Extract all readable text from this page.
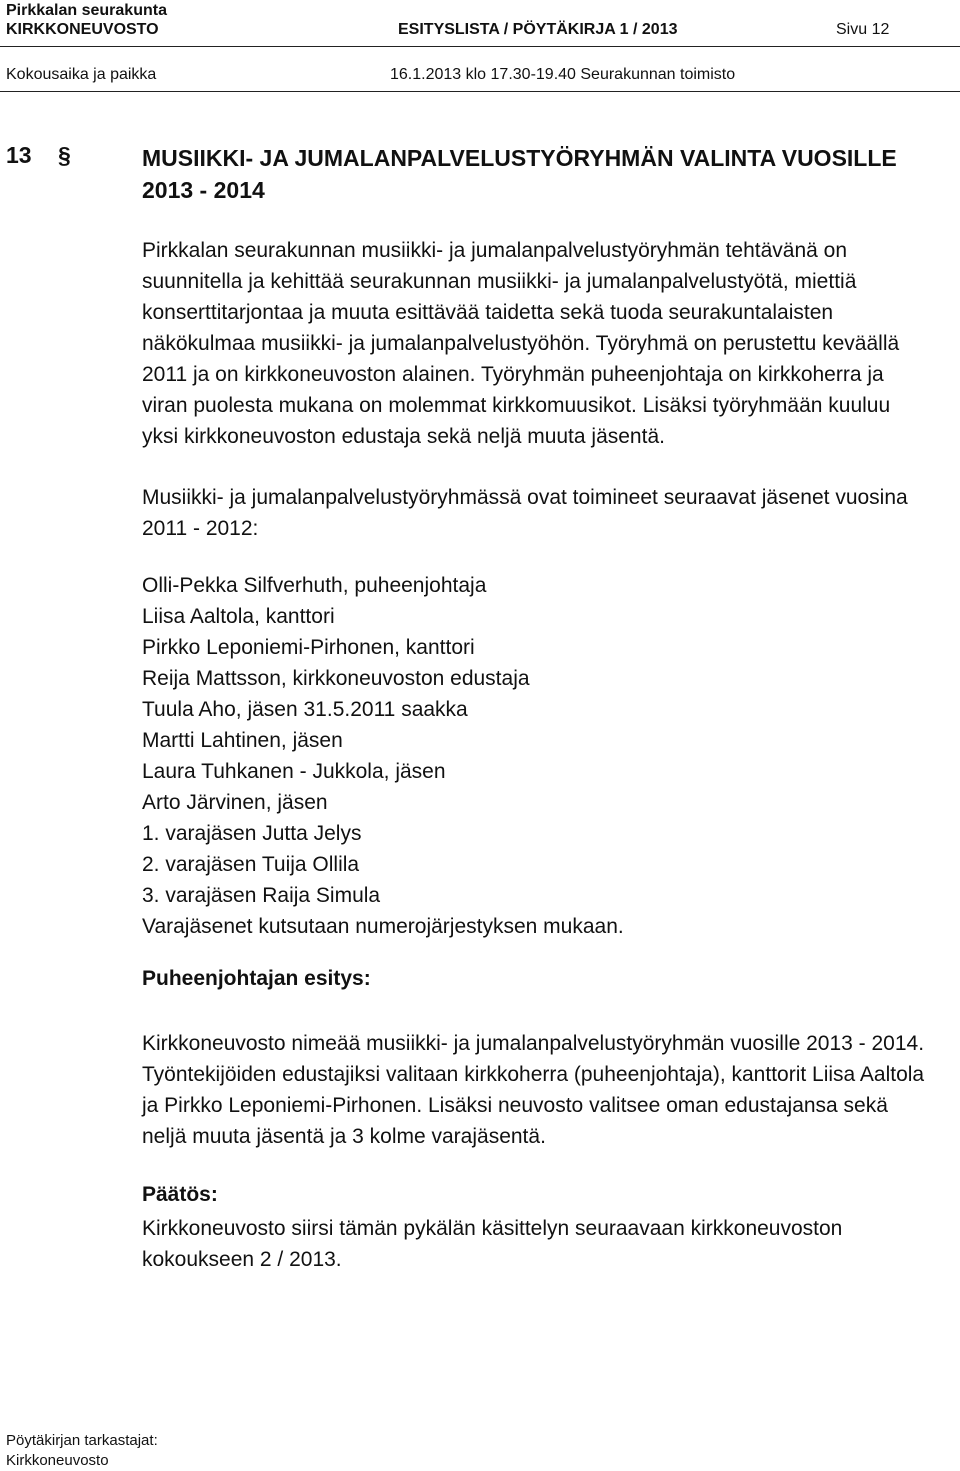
Pirkkalan seurakunta
KIRKKONEUVOSTO	ESITYSLISTA / PÖYTÄKIRJA 1 / 2013	Sivu 12
Kokousaika ja paikka	16.1.2013 klo 17.30-19.40 Seurakunnan toimisto
13 §	MUSIIKKI- JA JUMALANPALVELUSTYÖRYHMÄN VALINTA VUOSILLE 2013 - 2014
Pirkkalan seurakunnan musiikki- ja jumalanpalvelustyöryhmän tehtävänä on suunnitella ja kehittää seurakunnan musiikki- ja jumalanpalvelustyötä, miettiä konserttitarjontaa ja muuta esittävää taidetta sekä tuoda seurakuntalaisten näkökulmaa musiikki- ja jumalanpalvelustyöhön. Työryhmä on perustettu keväällä 2011 ja on kirkkoneuvoston alainen. Työryhmän puheenjohtaja on kirkkoherra ja viran puolesta mukana on molemmat kirkkomuusikot. Lisäksi työryhmään kuuluu yksi kirkkoneuvoston edustaja sekä neljä muuta jäsentä.
Musiikki- ja jumalanpalvelustyöryhmässä ovat toimineet seuraavat jäsenet vuosina 2011 - 2012:
Olli-Pekka Silfverhuth, puheenjohtaja
Liisa Aaltola, kanttori
Pirkko Leponiemi-Pirhonen, kanttori
Reija Mattsson, kirkkoneuvoston edustaja
Tuula Aho, jäsen 31.5.2011 saakka
Martti Lahtinen, jäsen
Laura Tuhkanen - Jukkola, jäsen
Arto Järvinen, jäsen
1. varajäsen Jutta Jelys
2. varajäsen Tuija Ollila
3. varajäsen Raija Simula
Varajäsenet kutsutaan numerojärjestyksen mukaan.
Puheenjohtajan esitys:
Kirkkoneuvosto nimeää musiikki- ja jumalanpalvelustyöryhmän vuosille 2013 - 2014. Työntekijöiden edustajiksi valitaan kirkkoherra (puheenjohtaja), kanttorit Liisa Aaltola ja Pirkko Leponiemi-Pirhonen. Lisäksi neuvosto valitsee oman edustajansa sekä neljä muuta jäsentä ja 3 kolme varajäsentä.
Päätös:
Kirkkoneuvosto siirsi tämän pykälän käsittelyn seuraavaan kirkkoneuvoston kokoukseen 2 / 2013.
Pöytäkirjan tarkastajat:
Kirkkoneuvosto
